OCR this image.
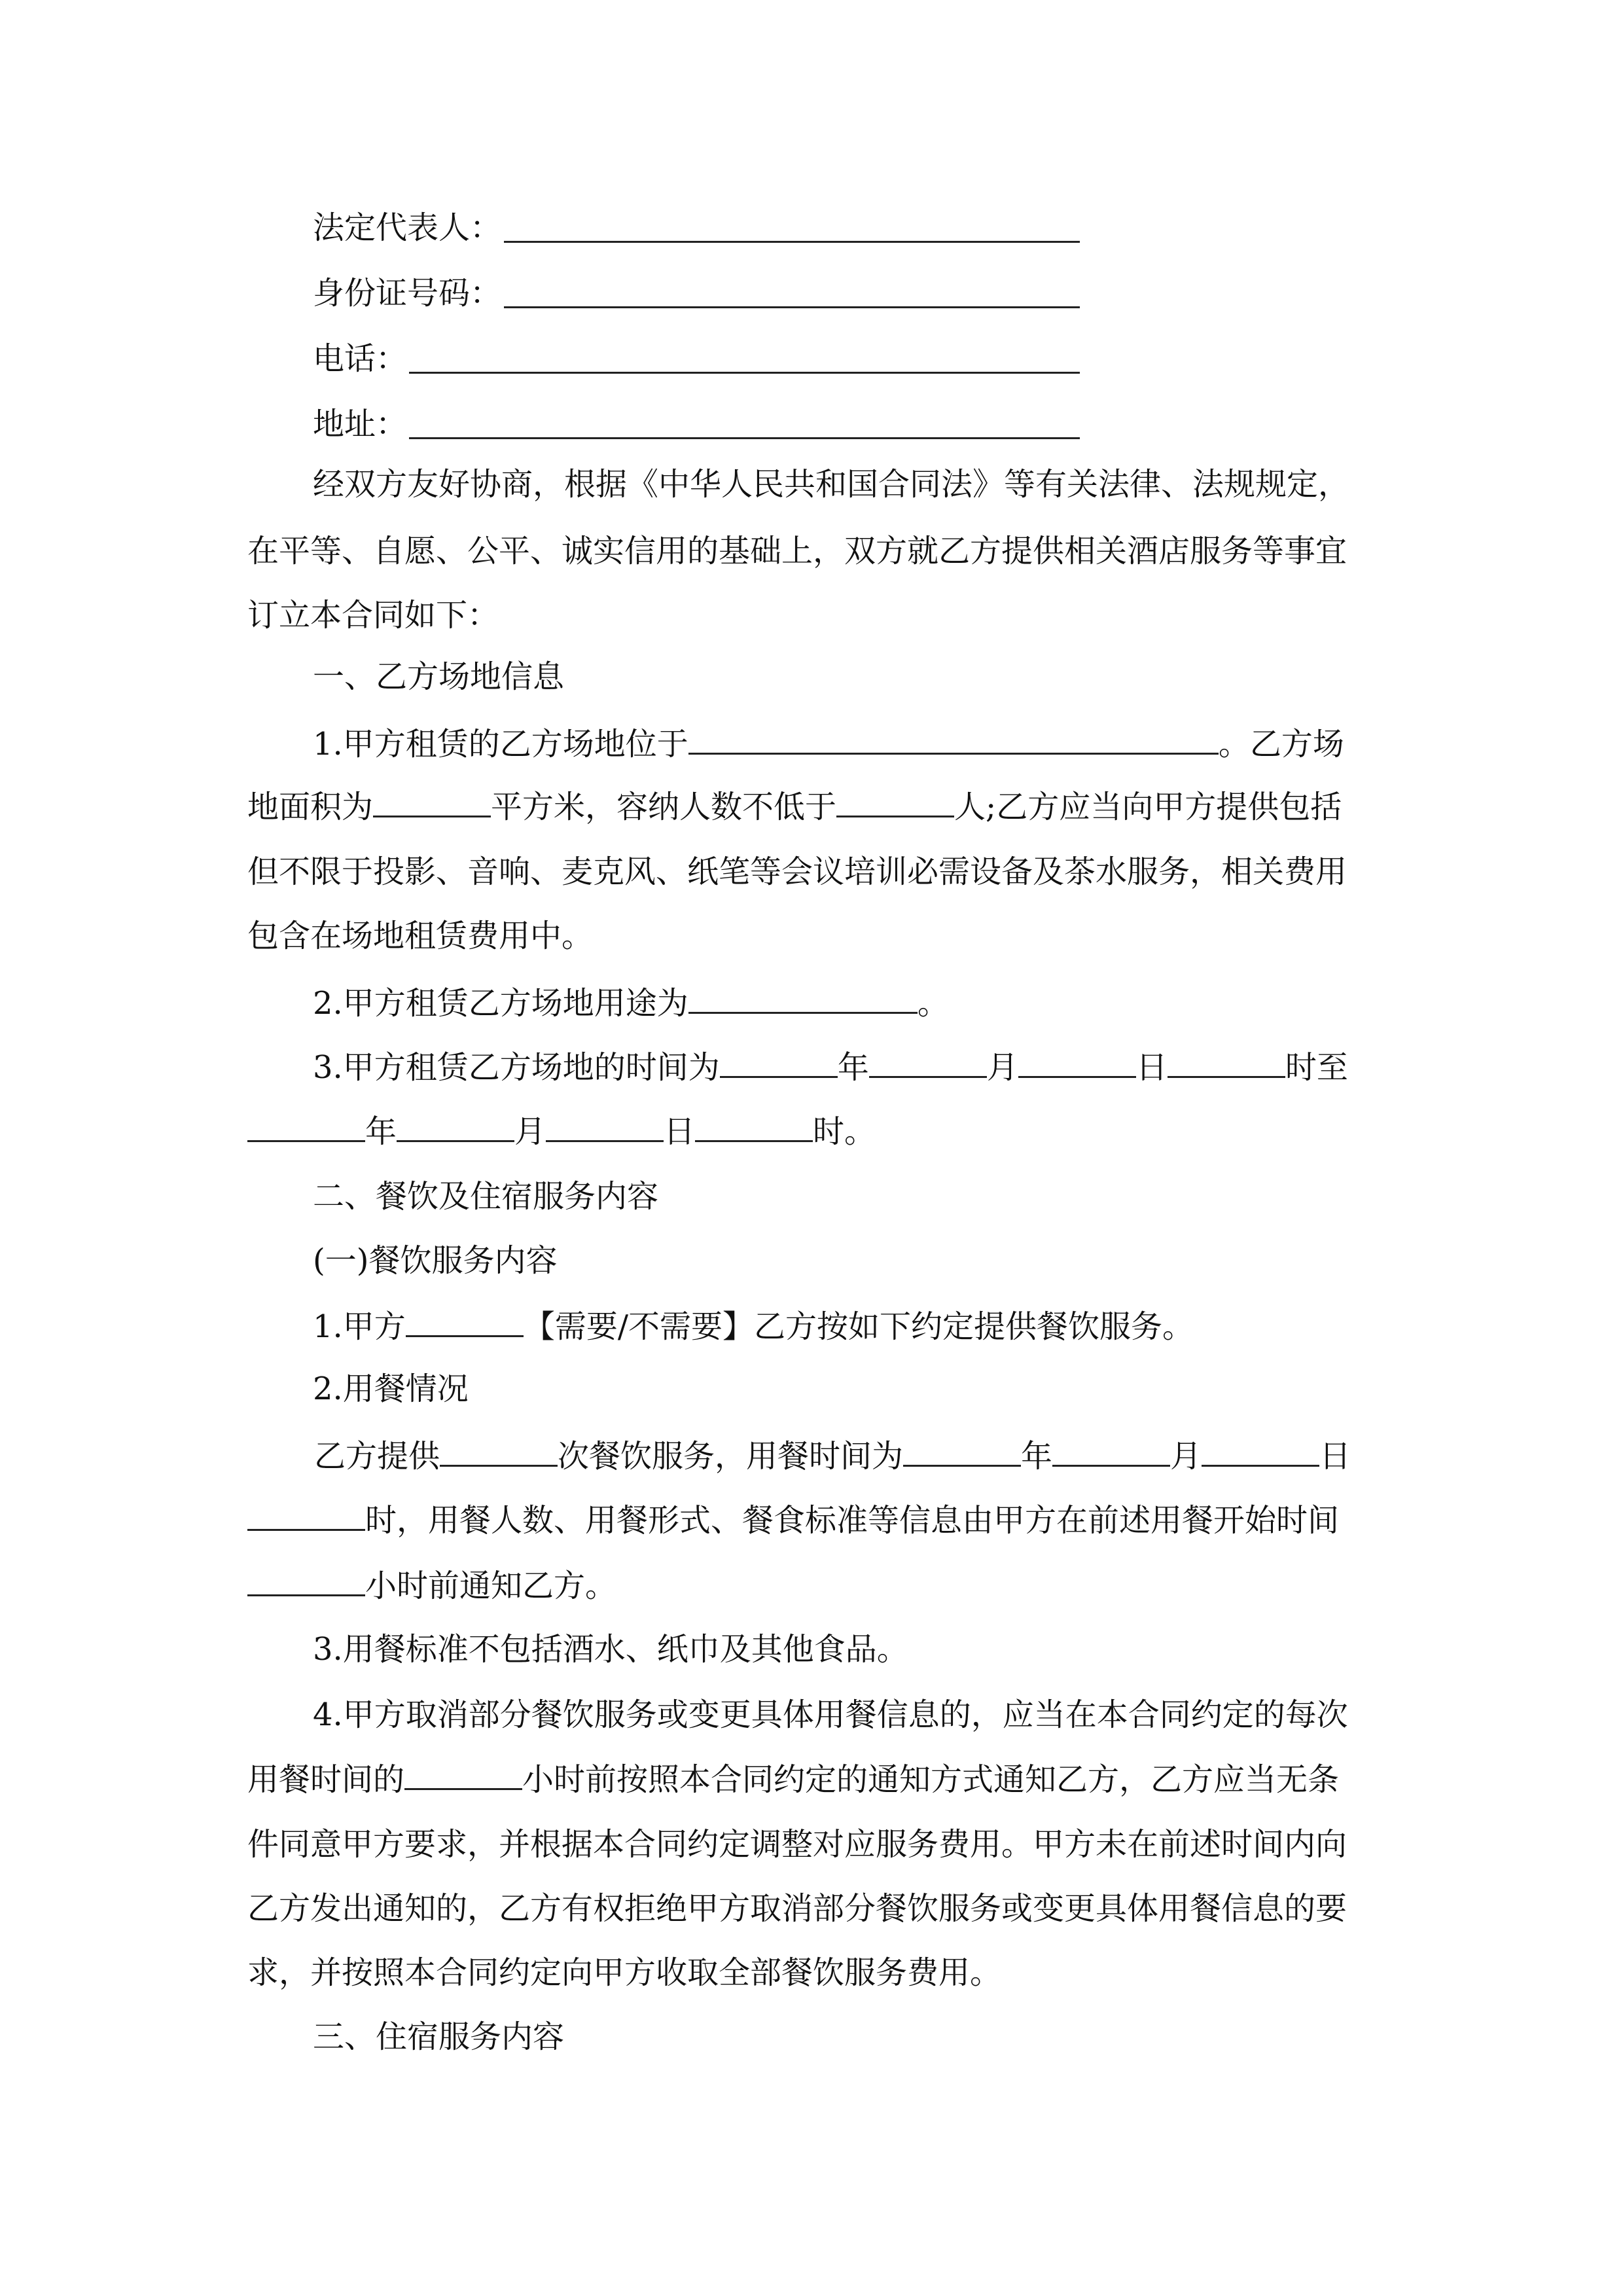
法定代表人：
身份证号码：
电话：
地址：
经双方友好协商，根据《中华人民共和国合同法》等有关法律、法规规定，
在平等、自愿、公平、诚实信用的基础上，双方就乙方提供相关酒店服务等事宜
订立本合同如下：
一、乙方场地信息
1.甲方租赁的乙方场地位于	。乙方场
地面积为	平方米，容纳人数不低于	人;乙方应当向甲方提供包括
但不限于投影、音响、麦克风、纸笔等会议培训必需设备及茶水服务，相关费用
包含在场地租赁费用中。
2.甲方租赁乙方场地用途为	。
3.甲方租赁乙方场地的时间为	年	月	日	时至
年	月	日	时。
二、餐饮及住宿服务内容
(一)餐饮服务内容
1.甲方	【需要/不需要】乙方按如下约定提供餐饮服务。
2.用餐情况
乙方提供	次餐饮服务，用餐时间为	年	月	日
时，用餐人数、用餐形式、餐食标准等信息由甲方在前述用餐开始时间
小时前通知乙方。
3.用餐标准不包括酒水、纸巾及其他食品。
4.甲方取消部分餐饮服务或变更具体用餐信息的，应当在本合同约定的每次
用餐时间的	小时前按照本合同约定的通知方式通知乙方，乙方应当无条
件同意甲方要求，并根据本合同约定调整对应服务费用。甲方未在前述时间内向
乙方发出通知的，乙方有权拒绝甲方取消部分餐饮服务或变更具体用餐信息的要
求，并按照本合同约定向甲方收取全部餐饮服务费用。
三、住宿服务内容
